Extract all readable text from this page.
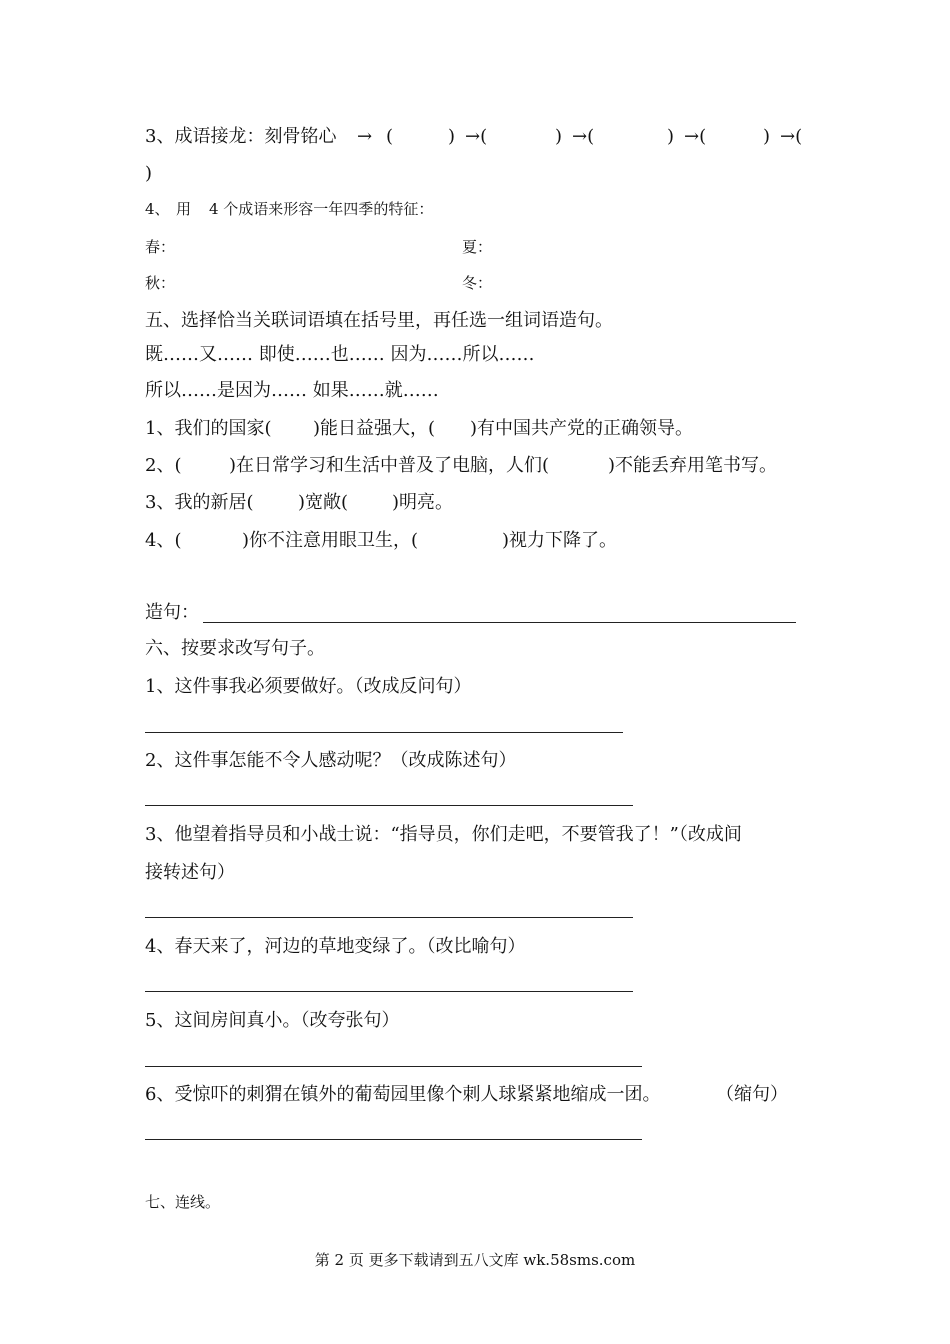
3、成语接龙：刻骨铭心 → (	) →(	) →(	) →(	) →(
)
4、 用 4 个成语来形容一年四季的特征：
春：	夏：
秋：	冬：
五、选择恰当关联词语填在括号里，再任选一组词语造句。
既……又…… 即使……也…… 因为……所以……
所以……是因为…… 如果……就……
1、我们的国家( )能日益强大，( )有中国共产党的正确领导。
2、(	)在日常学习和生活中普及了电脑，人们(	)不能丢弃用笔书写。
3、我的新居( )宽敞( )明亮。
4、(	)你不注意用眼卫生，(	)视力下降了。
造句：
六、按要求改写句子。
1、这件事我必须要做好。（改成反问句）
2、这件事怎能不令人感动呢？（改成陈述句）
3、他望着指导员和小战士说：“指导员，你们走吧，不要管我了！”（改成间
接转述句）
4、春天来了，河边的草地变绿了。（改比喻句）
5、这间房间真小。（改夸张句）
6、受惊吓的刺猬在镇外的葡萄园里像个刺人球紧紧地缩成一团。	（缩句）
七、连线。
第 2 页 更多下载请到五八文库 wk.58sms.com
